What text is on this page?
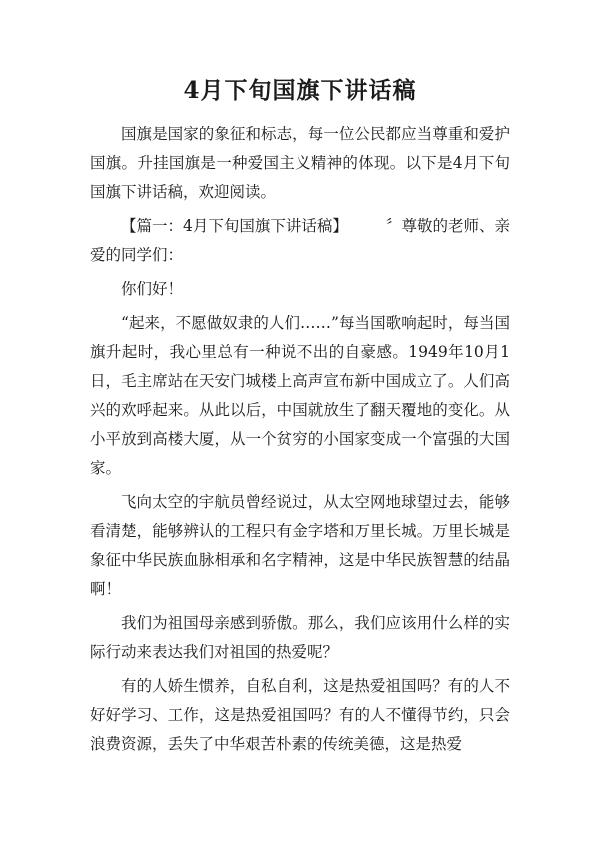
4月下旬国旗下讲话稿

国旗是国家的象征和标志，每一位公民都应当尊重和爱护国旗。升挂国旗是一种爱国主义精神的体现。以下是4月下旬国旗下讲话稿，欢迎阅读。

【篇一：4月下旬国旗下讲话稿】 〞尊敬的老师、亲爱的同学们：

你们好！

“起来，不愿做奴隶的人们……”每当国歌响起时，每当国旗升起时，我心里总有一种说不出的自豪感。1949年10月1日，毛主席站在天安门城楼上高声宣布新中国成立了。人们高兴的欢呼起来。从此以后，中国就放生了翻天覆地的变化。从小平放到高楼大厦，从一个贫穷的小国家变成一个富强的大国家。

飞向太空的宇航员曾经说过，从太空网地球望过去，能够看清楚，能够辨认的工程只有金字塔和万里长城。万里长城是象征中华民族血脉相承和名字精神，这是中华民族智慧的结晶啊！

我们为祖国母亲感到骄傲。那么，我们应该用什么样的实际行动来表达我们对祖国的热爱呢？

有的人娇生惯养，自私自利，这是热爱祖国吗？有的人不好好学习、工作，这是热爱祖国吗？有的人不懂得节约，只会浪费资源，丢失了中华艰苦朴素的传统美德，这是热爱
